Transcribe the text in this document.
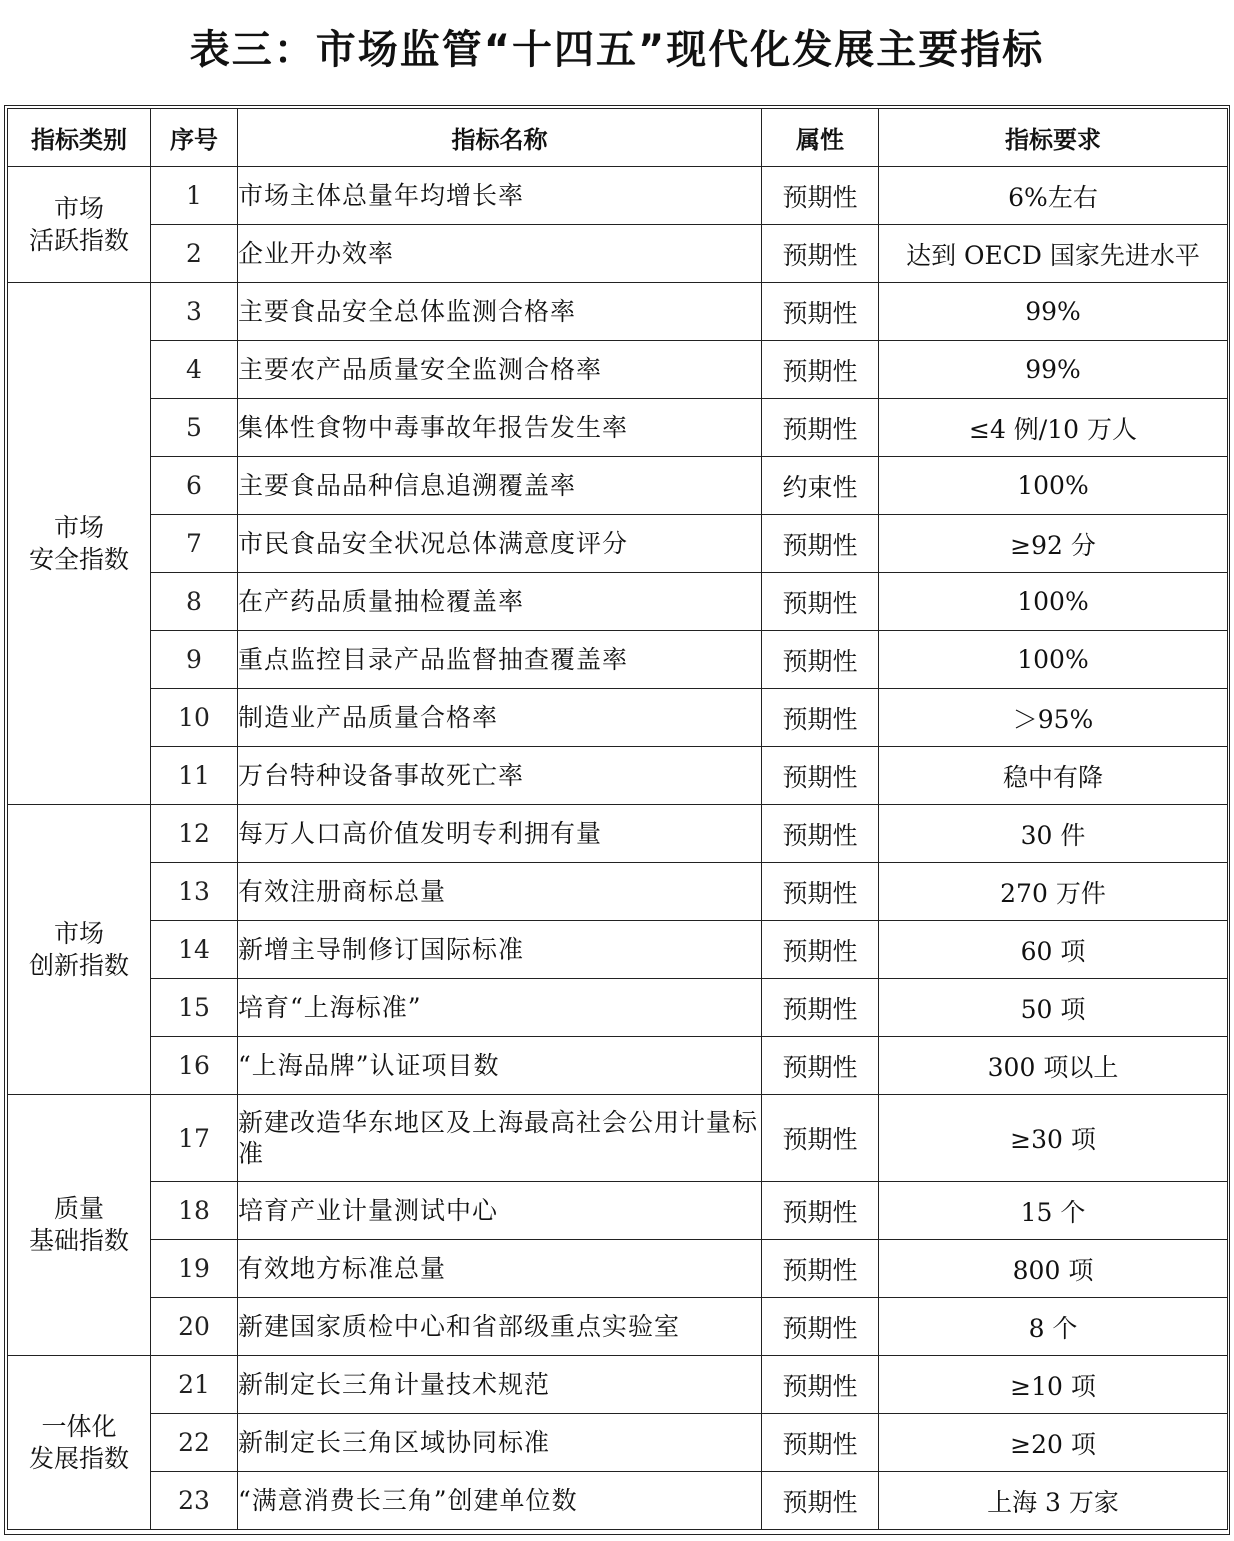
表三：市场监管“十四五”现代化发展主要指标
指标类别	序号	指标名称	属性	指标要求

市场
活跃指数	1	市场主体总量年均增长率	预期性	6%左右
	2	企业开办效率	预期性	达到 OECD 国家先进水平

市场
安全指数	3	主要食品安全总体监测合格率	预期性	99%
	4	主要农产品质量安全监测合格率	预期性	99%
	5	集体性食物中毒事故年报告发生率	预期性	≤4 例/10 万人
	6	主要食品品种信息追溯覆盖率	约束性	100%
	7	市民食品安全状况总体满意度评分	预期性	≥92 分
	8	在产药品质量抽检覆盖率	预期性	100%
	9	重点监控目录产品监督抽查覆盖率	预期性	100%
	10	制造业产品质量合格率	预期性	＞95%
	11	万台特种设备事故死亡率	预期性	稳中有降

市场
创新指数	12	每万人口高价值发明专利拥有量	预期性	30 件
	13	有效注册商标总量	预期性	270 万件
	14	新增主导制修订国际标准	预期性	60 项
	15	培育“上海标准”	预期性	50 项
	16	“上海品牌”认证项目数	预期性	300 项以上

质量
基础指数	17	新建改造华东地区及上海最高社会公用计量标准	预期性	≥30 项
	18	培育产业计量测试中心	预期性	15 个
	19	有效地方标准总量	预期性	800 项
	20	新建国家质检中心和省部级重点实验室	预期性	8 个

一体化
发展指数	21	新制定长三角计量技术规范	预期性	≥10 项
	22	新制定长三角区域协同标准	预期性	≥20 项
	23	“满意消费长三角”创建单位数	预期性	上海 3 万家
